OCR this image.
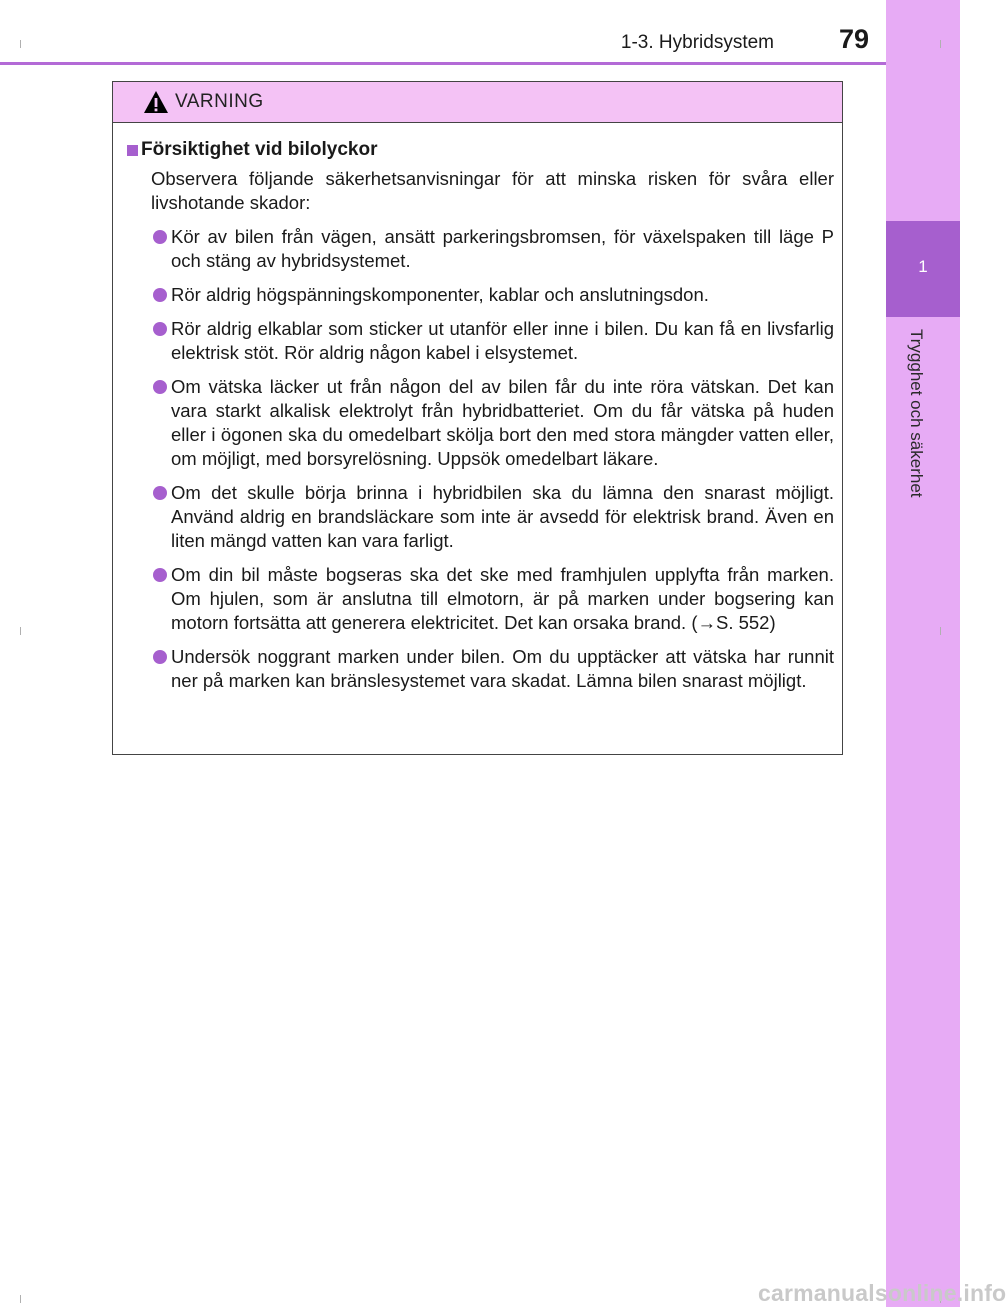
1-3. Hybridsystem	79
1
Trygghet och säkerhet
VARNING
Försiktighet vid bilolyckor

Observera följande säkerhetsanvisningar för att minska risken för svåra eller livshotande skador:

Kör av bilen från vägen, ansätt parkeringsbromsen, för växelspaken till läge P och stäng av hybridsystemet.
Rör aldrig högspänningskomponenter, kablar och anslutningsdon.
Rör aldrig elkablar som sticker ut utanför eller inne i bilen. Du kan få en livsfarlig elektrisk stöt. Rör aldrig någon kabel i elsystemet.
Om vätska läcker ut från någon del av bilen får du inte röra vätskan. Det kan vara starkt alkalisk elektrolyt från hybridbatteriet. Om du får vätska på huden eller i ögonen ska du omedelbart skölja bort den med stora mängder vatten eller, om möjligt, med borsyrelösning. Uppsök omedelbart läkare.
Om det skulle börja brinna i hybridbilen ska du lämna den snarast möjligt. Använd aldrig en brandsläckare som inte är avsedd för elektrisk brand. Även en liten mängd vatten kan vara farligt.
Om din bil måste bogseras ska det ske med framhjulen upplyfta från marken. Om hjulen, som är anslutna till elmotorn, är på marken under bogsering kan motorn fortsätta att generera elektricitet. Det kan orsaka brand. (→S. 552)
Undersök noggrant marken under bilen. Om du upptäcker att vätska har runnit ner på marken kan bränslesystemet vara skadat. Lämna bilen snarast möjligt.
carmanualsonline.info
